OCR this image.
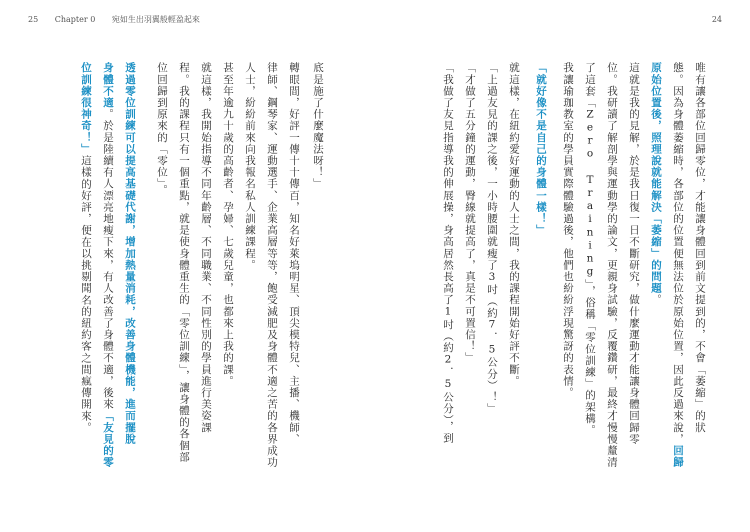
25 Chapter 0 宛如生出羽翼般輕盈起來	24
唯有讓各部位回歸零位，才能讓身體回到前文提到的，不會「萎縮」的狀
態。因為身體萎縮時，各部位的位置便無法位於原始位置，因此反過來說，回歸
原始位置後，照理說就能解決「萎縮」的問題。
這就是我的見解，於是我日復一日不斷研究，做什麼運動才能讓身體回歸零
位。我研讀了解剖學與運動學的論文，更親身試驗，反覆鑽研，最終才慢慢釐清
了這套「Zero Training」，俗稱「零位訓練」的架構。
我讓瑜珈教室的學員實際體驗過後，他們也紛紛浮現驚訝的表情。
「就好像不是自己的身體一樣！」
就這樣，在紐約愛好運動的人士之間，我的課程開始好評不斷。
「上過友見的課之後，一小時腰圍就瘦了3吋（約7．5公分）！」
「才做了五分鐘的運動，臀線就提高了，真是不可置信！」
「我做了友見指導我的伸展操，身高居然長高了1吋（約2．5公分），到
底是施了什麼魔法呀！」
轉眼間，好評一傳十十傳百，知名好萊塢明星、頂尖模特兒、主播、機師、
律師、鋼琴家、運動選手、企業高層等等，飽受減肥及身體不適之苦的各界成功
人士，紛紛前來向我報名私人訓練課程。
甚至年逾九十歲的高齡者、孕婦、七歲兒童，也都來上我的課。
就這樣，我開始指導不同年齡層、不同職業、不同性別的學員進行美姿課
程。我的課程只有一個重點，就是使身體重生的「零位訓練」，讓身體的各個部
位回歸到原來的「零位」。
透過零位訓練可以提高基礎代謝，增加熱量消耗，改善身體機能，進而擺脫
身體不適。於是陸續有人漂亮地瘦下來，有人改善了身體不適，後來「友見的零
位訓練很神奇！」這樣的好評，便在以挑剔聞名的紐約客之間瘋傳開來。
